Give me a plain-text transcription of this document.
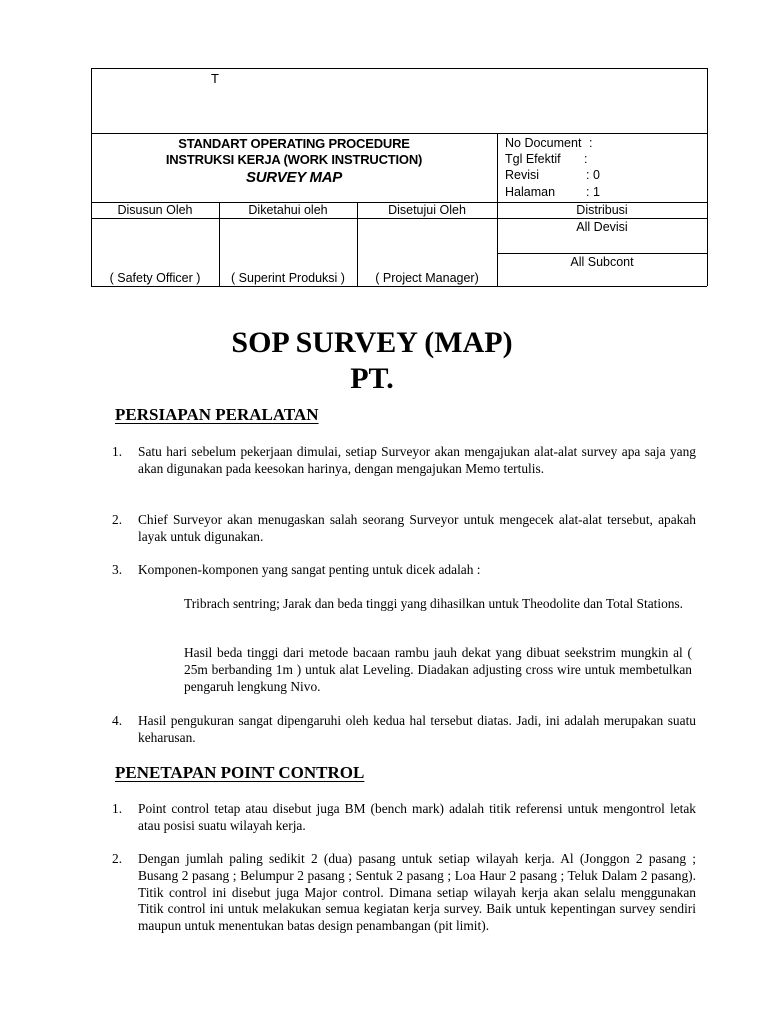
T
STANDART OPERATING PROCEDURE
INSTRUKSI KERJA (WORK INSTRUCTION)
SURVEY MAP
No Document :
Tgl Efektif :
Revisi	: 0
Halaman : 1
Disusun Oleh	Diketahui oleh	Disetujui Oleh	Distribusi
( Safety Officer )	( Superint Produksi )	( Project Manager)
All Devisi
All Subcont
SOP SURVEY (MAP)
PT.
PERSIAPAN PERALATAN
1. Satu hari sebelum pekerjaan dimulai, setiap Surveyor akan mengajukan alat-alat survey apa saja yang akan digunakan pada keesokan harinya, dengan mengajukan Memo tertulis.
2. Chief Surveyor akan menugaskan salah seorang Surveyor untuk mengecek alat-alat tersebut, apakah layak untuk digunakan.
3. Komponen-komponen yang sangat penting untuk dicek adalah :
Tribrach sentring; Jarak dan beda tinggi yang dihasilkan untuk Theodolite dan Total Stations.
Hasil beda tinggi dari metode bacaan rambu jauh dekat yang dibuat seekstrim mungkin al ( 25m berbanding 1m ) untuk alat Leveling. Diadakan adjusting cross wire untuk membetulkan pengaruh lengkung Nivo.
4. Hasil pengukuran sangat dipengaruhi oleh kedua hal tersebut diatas. Jadi, ini adalah merupakan suatu keharusan.
PENETAPAN POINT CONTROL
1. Point control tetap atau disebut juga BM (bench mark) adalah titik referensi untuk mengontrol letak atau posisi suatu wilayah kerja.
2. Dengan jumlah paling sedikit 2 (dua) pasang untuk setiap wilayah kerja. Al (Jonggon 2 pasang ; Busang 2 pasang ; Belumpur 2 pasang ; Sentuk 2 pasang ; Loa Haur 2 pasang ; Teluk Dalam 2 pasang). Titik control ini disebut juga Major control. Dimana setiap wilayah kerja akan selalu menggunakan Titik control ini untuk melakukan semua kegiatan kerja survey. Baik untuk kepentingan survey sendiri maupun untuk menentukan batas design penambangan (pit limit).
